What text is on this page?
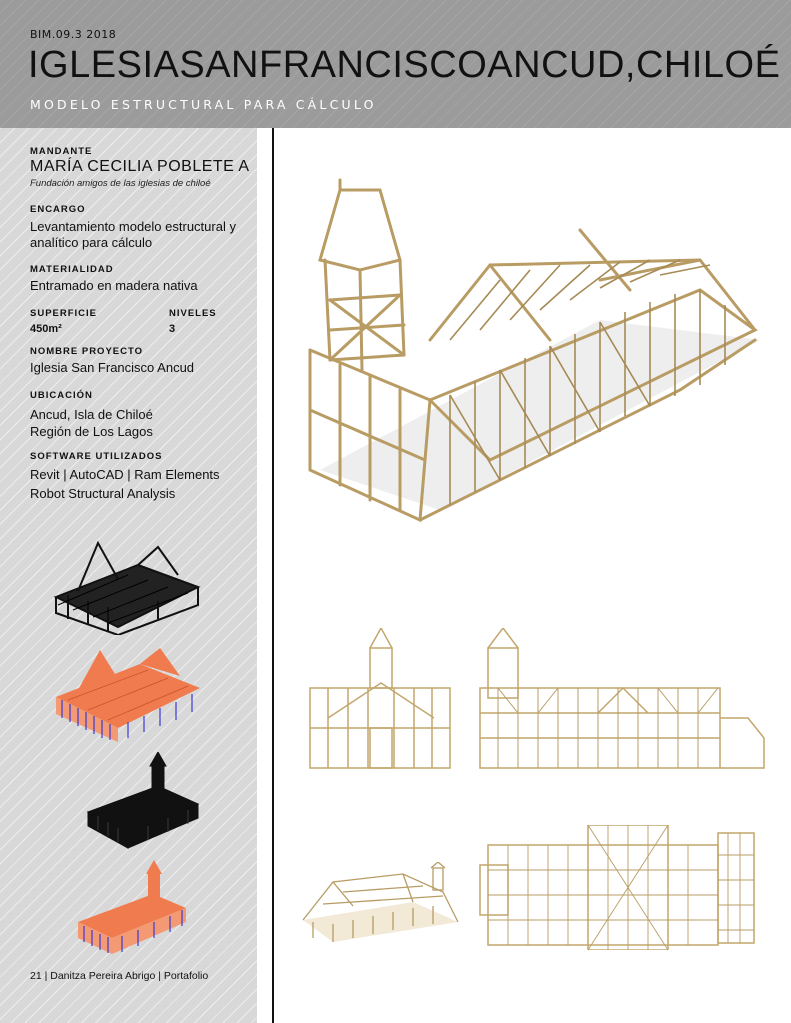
BIM.09.3 2018
IGLESIA SAN FRANCISCO ANCUD, CHILOÉ
MODELO ESTRUCTURAL PARA CÁLCULO
MANDANTE
MARÍA CECILIA POBLETE A
Fundación amigos de las iglesias de chiloé
ENCARGO
Levantamiento modelo estructural y
analítico para cálculo
MATERIALIDAD
Entramado en madera nativa
SUPERFICIE
450m²
NIVELES
3
NOMBRE PROYECTO
Iglesia San Francisco Ancud
UBICACIÓN
Ancud, Isla de Chiloé
Región de Los Lagos
SOFTWARE UTILIZADOS
Revit | AutoCAD | Ram Elements
Robot Structural Analysis
21 | Danitza Pereira Abrigo | Portafolio
